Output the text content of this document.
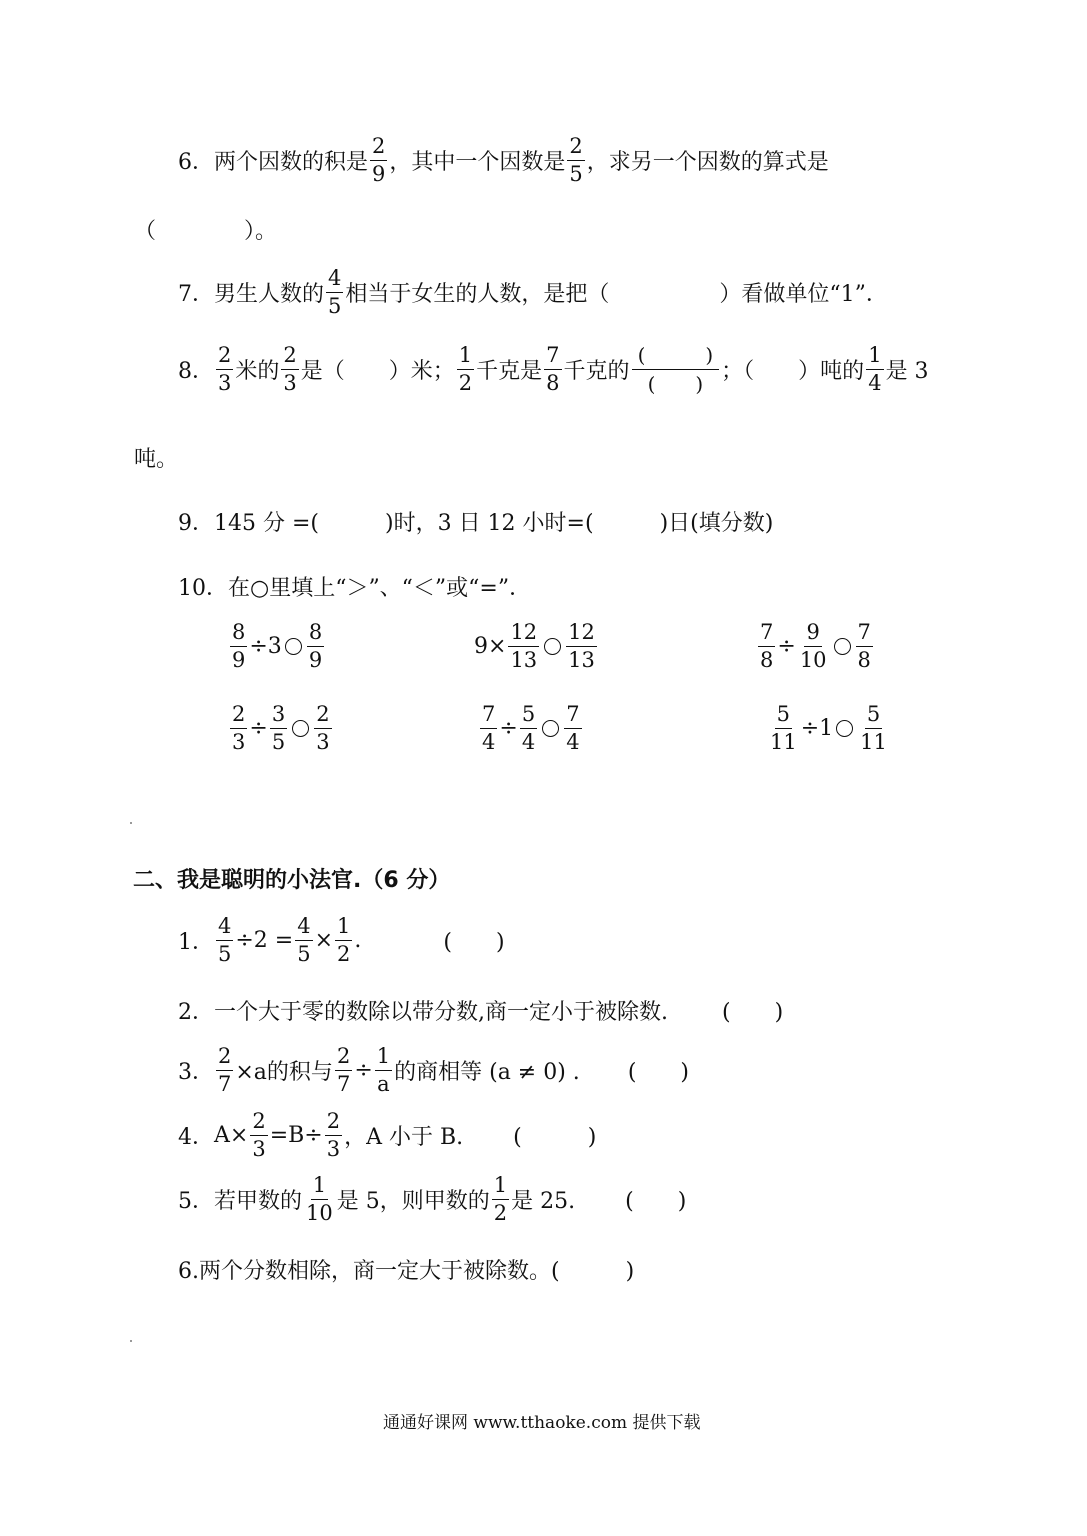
6． 两个因数的积是 $\frac{2}{9}$ ，其中一个因数是 $\frac{2}{5}$ ，求另一个因数的算式是
（　　　　）。
7． 男生人数的 $\frac{4}{5}$ 相当于女生的人数，是把（　　　　　）看做单位“1”．
8． $\frac{2}{3}$ 米的 $\frac{2}{3}$ 是（　　）米； $\frac{1}{2}$ 千克是 $\frac{7}{8}$ 千克的
(　　　)
(　　) ；（　　）吨的 $\frac{1}{4}$ 是 3
吨。
9．145 分 =(　　　)时，3 日 12 小时=(　　　)日(填分数)
10．在○里填上“＞”、“＜”或“=”．
$\frac{8}{9} \div 3 \frac{8}{9}$	$9\times \frac{12}{13} \frac{12}{13}$	$\frac{7}{8} \div \frac{9}{10} \frac{7}{8}$
$\frac{2}{3} \div \frac{3}{5} \frac{2}{3}$	$\frac{7}{4} \div \frac{5}{4} \frac{7}{4}$	$\frac{5}{11} \div 1 \frac{5}{11}$
二、我是聪明的小法官.（6 分）
1． $\frac{4}{5} \div 2 = \frac{4}{5} \times \frac{1}{2}$ .	(　　)
2．一个大于零的数除以带分数,商一定小于被除数. (　　)
3． $\frac{2}{7} \times a$的积与 $\frac{2}{7} \div \frac{1}{a}$ 的商相等 (a ≠ 0) . (　　)
4． $A\times \frac{2}{3} =B\div \frac{2}{3}$ ，A 小于 B. (　　　)
5． 若甲数的 $\frac{1}{10}$ 是 5，则甲数的 $\frac{1}{2}$ 是 25. (　　)
6.两个分数相除，商一定大于被除数。(　　　)
通通好课网 www.tthaoke.com 提供下载
